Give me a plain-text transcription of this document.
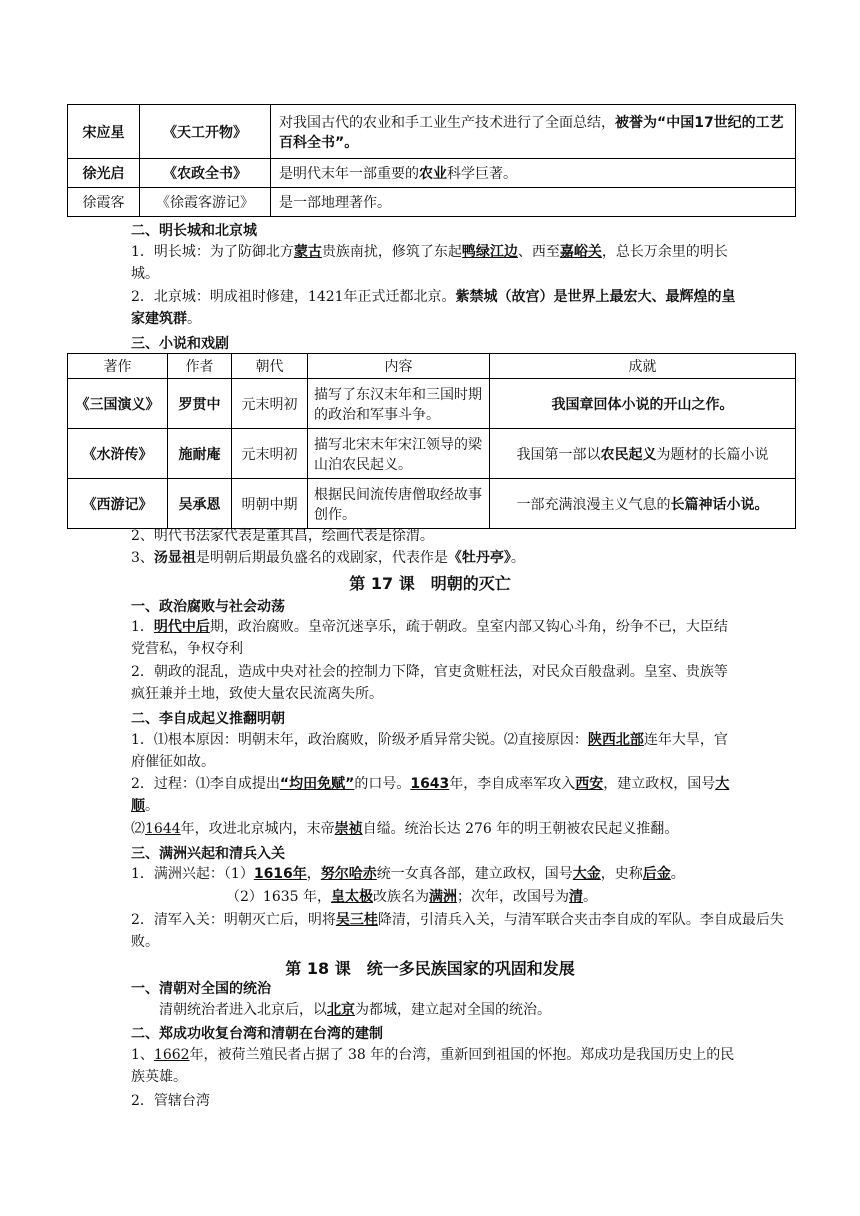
宋应星	《天工开物》	对我国古代的农业和手工业生产技术进行了全面总结，被誉为“中国17世纪的工艺百科全书”。
徐光启	《农政全书》	是明代末年一部重要的农业科学巨著。
徐霞客	《徐霞客游记》	是一部地理著作。
二、明长城和北京城
1．明长城：为了防御北方蒙古贵族南扰，修筑了东起鸭绿江边、西至嘉峪关，总长万余里的明长城。
2．北京城：明成祖时修建，1421年正式迁都北京。紫禁城（故宫）是世界上最宏大、最辉煌的皇家建筑群。
三、小说和戏剧
著作	作者	朝代	内容	成就
《三国演义》	罗贯中	元末明初	描写了东汉末年和三国时期的政治和军事斗争。	我国章回体小说的开山之作。
《水浒传》	施耐庵	元末明初	描写北宋末年宋江领导的梁山泊农民起义。	我国第一部以农民起义为题材的长篇小说
《西游记》	吴承恩	明朝中期	根据民间流传唐僧取经故事创作。	一部充满浪漫主义气息的长篇神话小说。
2、明代书法家代表是董其昌，绘画代表是徐渭。
3、汤显祖是明朝后期最负盛名的戏剧家，代表作是《牡丹亭》。
第 17 课　明朝的灭亡
一、政治腐败与社会动荡
1．明代中后期，政治腐败。皇帝沉迷享乐，疏于朝政。皇室内部又钩心斗角，纷争不已，大臣结党营私，争权夺利
2．朝政的混乱，造成中央对社会的控制力下降，官吏贪赃枉法，对民众百般盘剥。皇室、贵族等疯狂兼并土地，致使大量农民流离失所。
二、李自成起义推翻明朝
1．⑴根本原因：明朝末年，政治腐败，阶级矛盾异常尖锐。⑵直接原因：陕西北部连年大旱，官府催征如故。
2．过程：⑴李自成提出“均田免赋”的口号。1643年，李自成率军攻入西安，建立政权，国号大顺。
⑵1644年，攻进北京城内，末帝崇祯自缢。统治长达 276 年的明王朝被农民起义推翻。
三、满洲兴起和清兵入关
1．满洲兴起：（1）1616年，努尔哈赤统一女真各部，建立政权，国号大金，史称后金。
（2）1635 年，皇太极改族名为满洲；次年，改国号为清。
2．清军入关：明朝灭亡后，明将吴三桂降清，引清兵入关，与清军联合夹击李自成的军队。李自成最后失败。
第 18 课　统一多民族国家的巩固和发展
一、清朝对全国的统治
清朝统治者进入北京后，以北京为都城，建立起对全国的统治。
二、郑成功收复台湾和清朝在台湾的建制
1、1662年，被荷兰殖民者占据了 38 年的台湾，重新回到祖国的怀抱。郑成功是我国历史上的民族英雄。
2．管辖台湾
